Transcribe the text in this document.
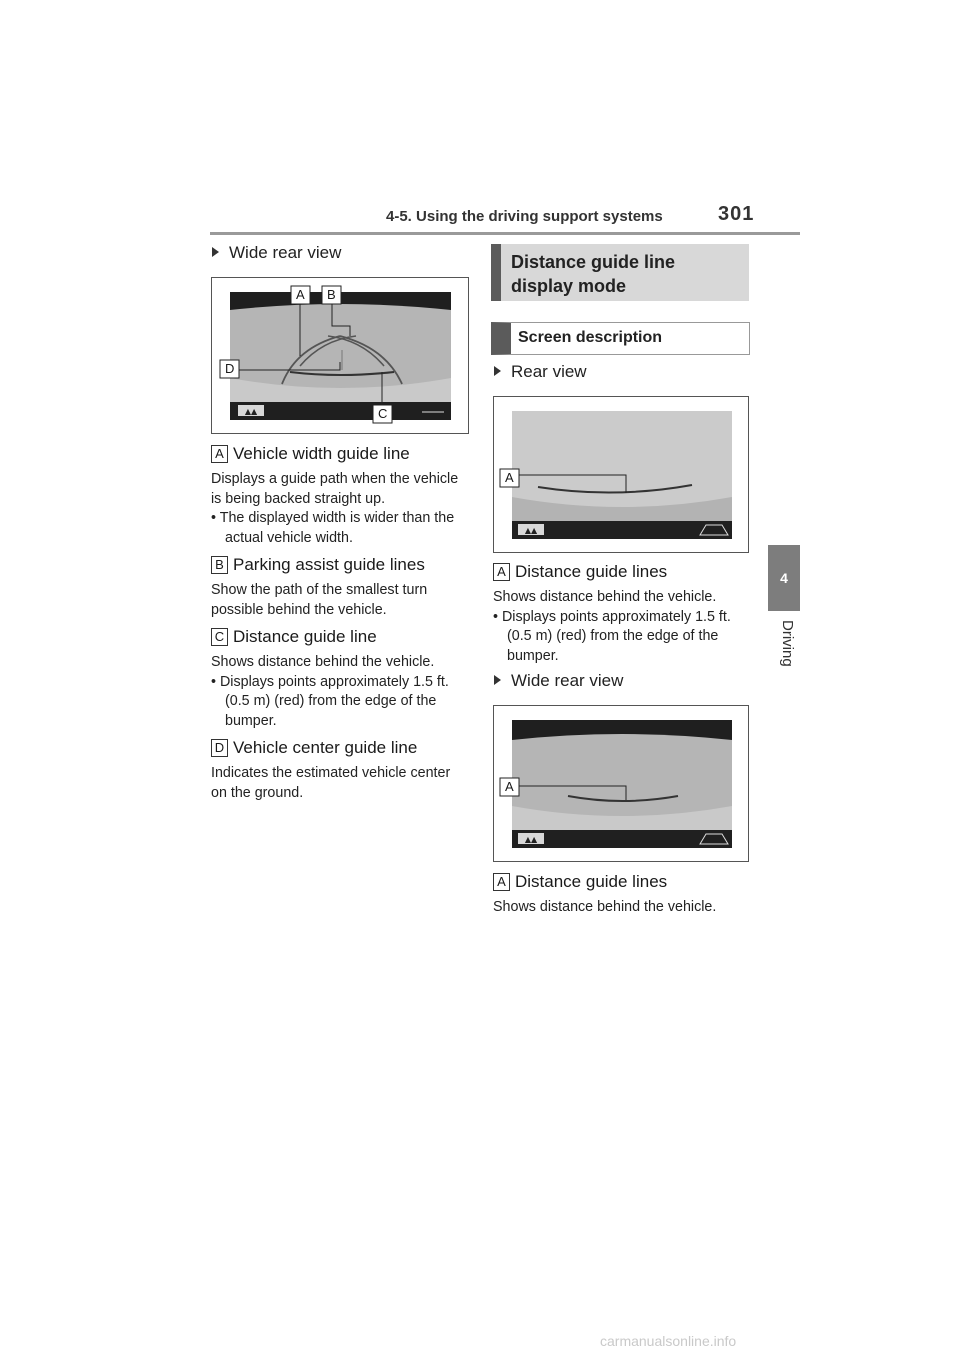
4-5. Using the driving support systems	301
4
Driving
Wide rear view
▲▲
A B
C
D
A Vehicle width guide line
Displays a guide path when the vehicle is being backed straight up.
• The displayed width is wider than the actual vehicle width.
B Parking assist guide lines
Show the path of the smallest turn possible behind the vehicle.
C Distance guide line
Shows distance behind the vehicle.
• Displays points approximately 1.5 ft. (0.5 m) (red) from the edge of the bumper.
D Vehicle center guide line
Indicates the estimated vehicle center on the ground.
Distance guide line display mode
Screen description
Rear view
▲▲
A
A Distance guide lines
Shows distance behind the vehicle.
• Displays points approximately 1.5 ft. (0.5 m) (red) from the edge of the bumper.
Wide rear view
▲▲
A
A Distance guide lines
Shows distance behind the vehicle.
carmanualsonline.info
